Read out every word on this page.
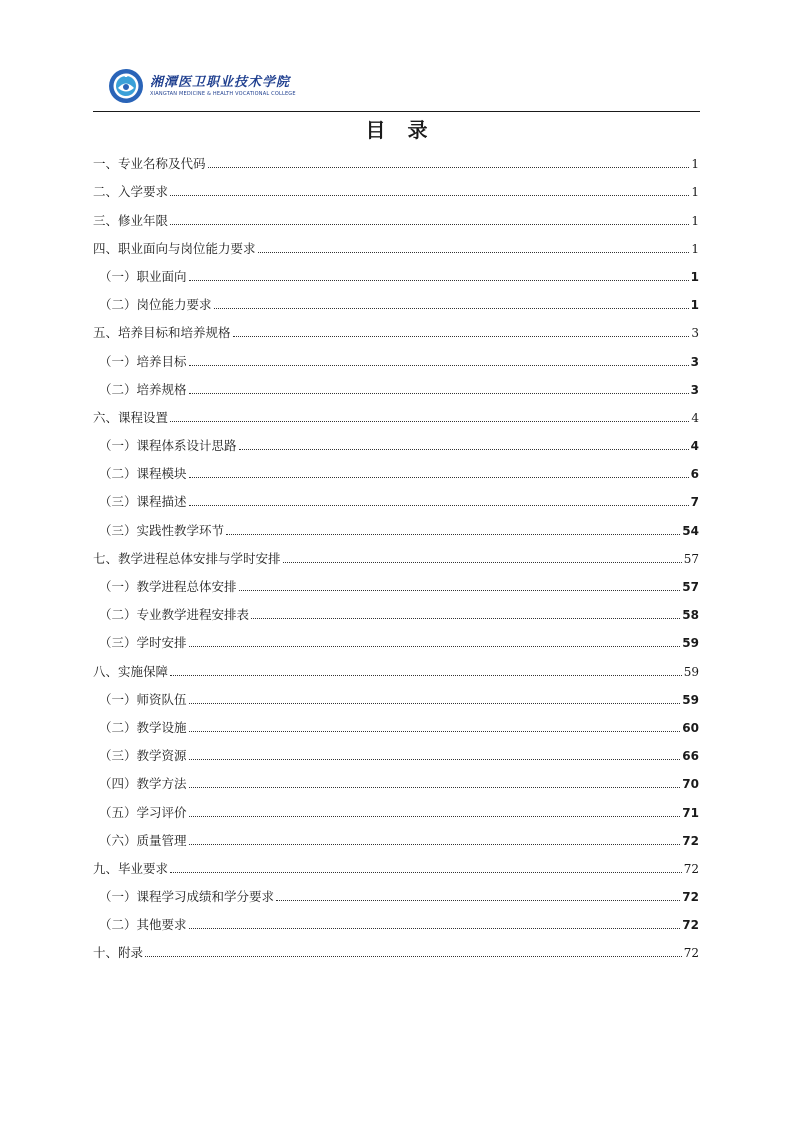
湘潭医卫职业技术学院
XIANGTAN MEDICINE & HEALTH VOCATIONAL COLLEGE
目录
一、专业名称及代码	1
二、入学要求	1
三、修业年限	1
四、职业面向与岗位能力要求	1
（一）职业面向	1
（二）岗位能力要求	1
五、培养目标和培养规格	3
（一）培养目标	3
（二）培养规格	3
六、课程设置	4
（一）课程体系设计思路	4
（二）课程模块	6
（三）课程描述	7
（三）实践性教学环节	54
七、教学进程总体安排与学时安排	57
（一）教学进程总体安排	57
（二）专业教学进程安排表	58
（三）学时安排	59
八、实施保障	59
（一）师资队伍	59
（二）教学设施	60
（三）教学资源	66
（四）教学方法	70
（五）学习评价	71
（六）质量管理	72
九、毕业要求	72
（一）课程学习成绩和学分要求	72
（二）其他要求	72
十、附录	72
